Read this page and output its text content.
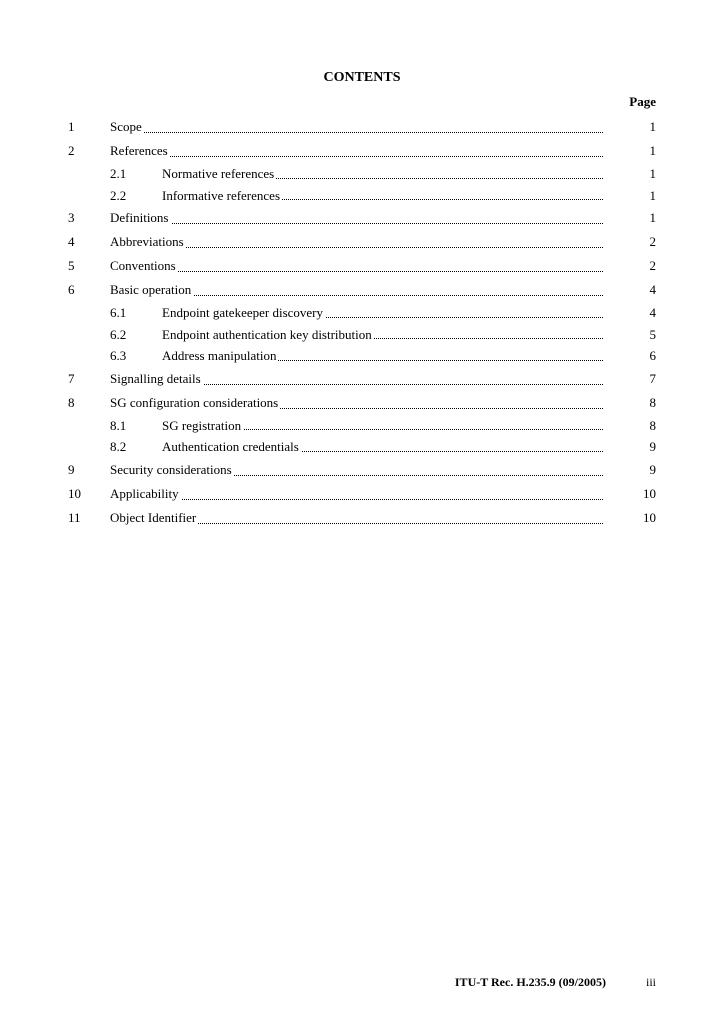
CONTENTS
Page
1	Scope	1
2	References	1
2.1	Normative references	1
2.2	Informative references	1
3	Definitions	1
4	Abbreviations	2
5	Conventions	2
6	Basic operation	4
6.1	Endpoint gatekeeper discovery	4
6.2	Endpoint authentication key distribution	5
6.3	Address manipulation	6
7	Signalling details	7
8	SG configuration considerations	8
8.1	SG registration	8
8.2	Authentication credentials	9
9	Security considerations	9
10 Applicability	10
11 Object Identifier	10
ITU-T Rec. H.235.9 (09/2005)	iii
